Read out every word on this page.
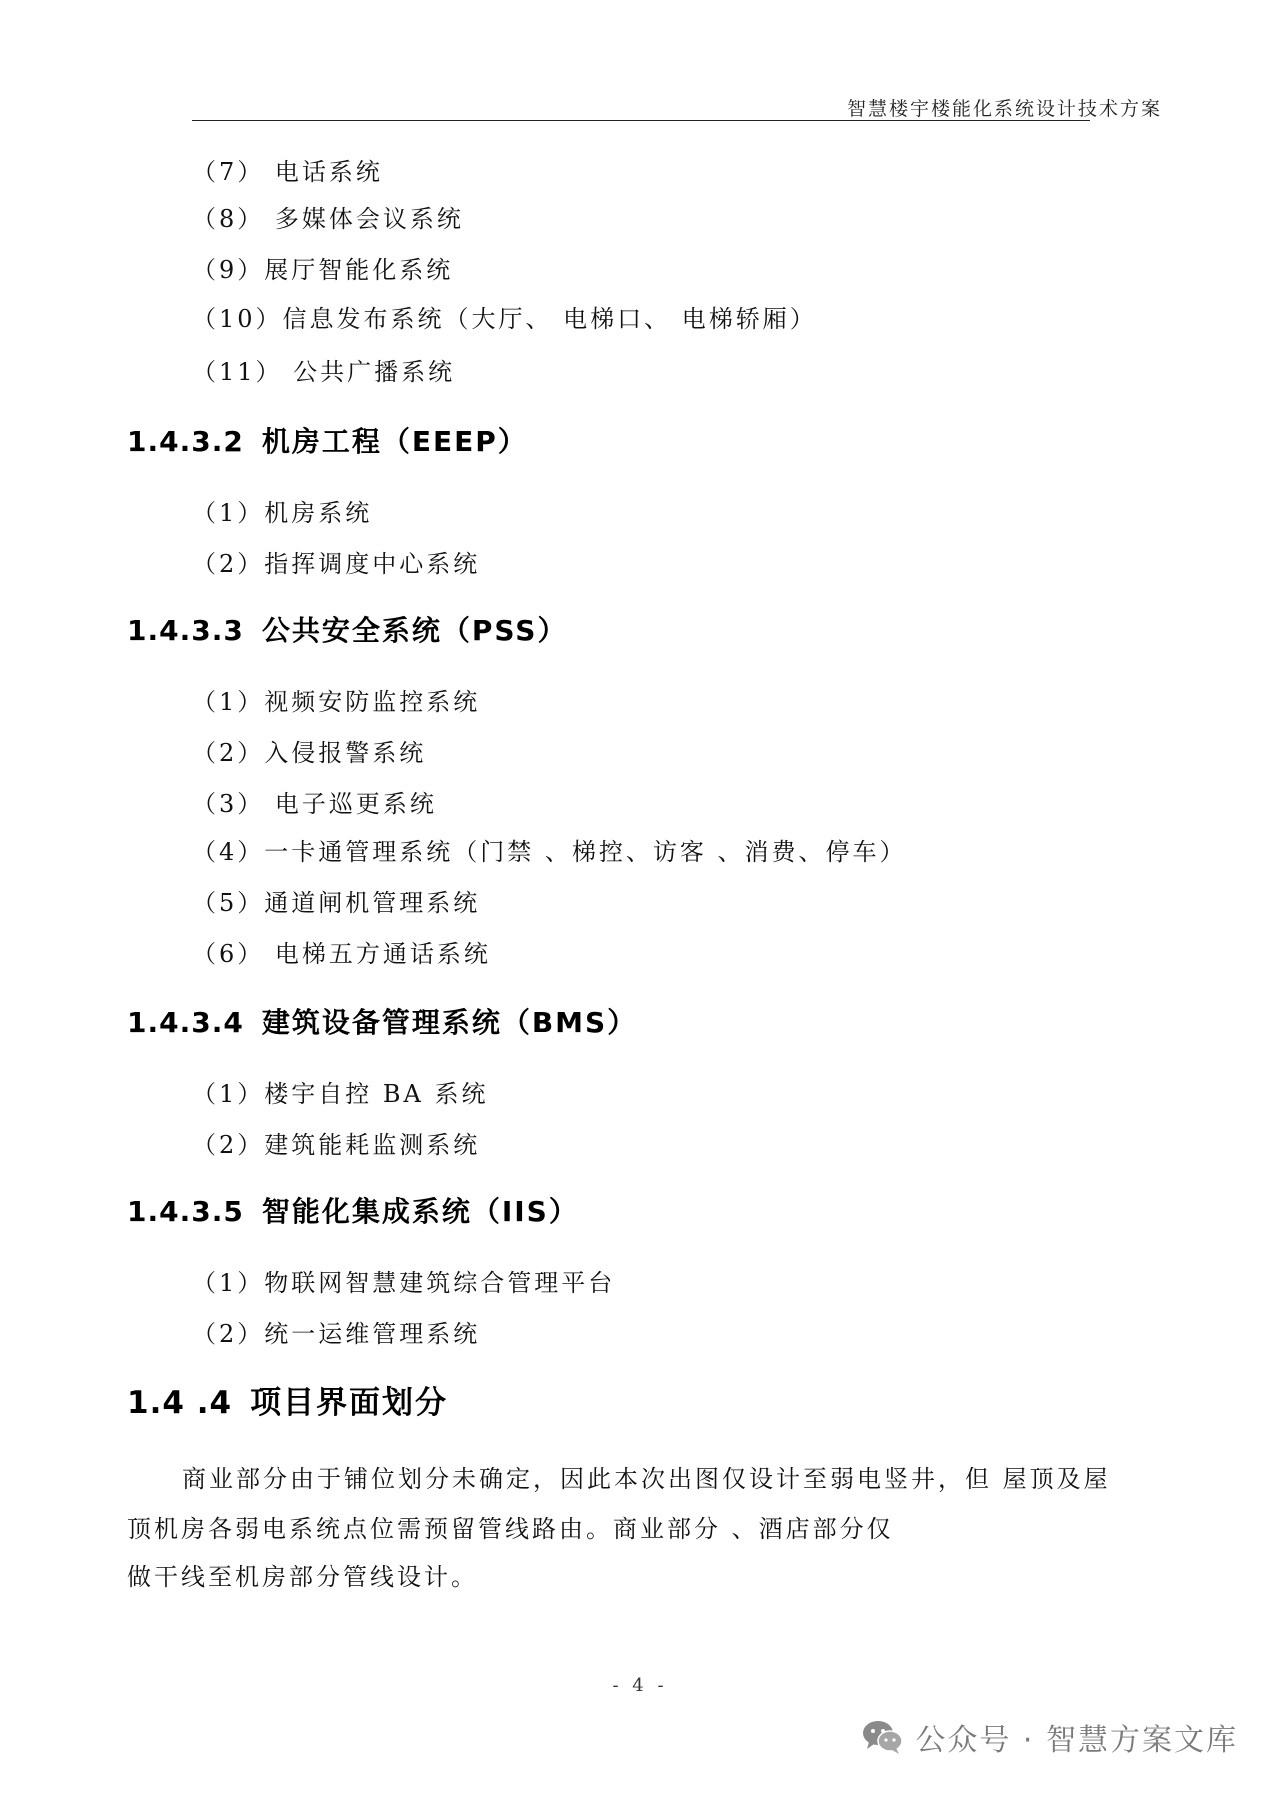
智慧楼宇楼能化系统设计技术方案
（7） 电话系统
（8） 多媒体会议系统
（9）展厅智能化系统
（10）信息发布系统（大厅、 电梯口、 电梯轿厢）
（11） 公共广播系统
1.4.3.2 机房工程（EEEP）
（1）机房系统
（2）指挥调度中心系统
1.4.3.3 公共安全系统（PSS）
（1）视频安防监控系统
（2）入侵报警系统
（3） 电子巡更系统
（4）一卡通管理系统（门禁 、梯控、访客 、消费、停车）
（5）通道闸机管理系统
（6） 电梯五方通话系统
1.4.3.4 建筑设备管理系统（BMS）
（1）楼宇自控 BA 系统
（2）建筑能耗监测系统
1.4.3.5 智能化集成系统（IIS）
（1）物联网智慧建筑综合管理平台
（2）统一运维管理系统
1.4 .4 项目界面划分
商业部分由于铺位划分未确定，因此本次出图仅设计至弱电竖井，但 屋顶及屋
顶机房各弱电系统点位需预留管线路由。商业部分 、酒店部分仅
做干线至机房部分管线设计。
- 4 -
公众号 · 智慧方案文库
